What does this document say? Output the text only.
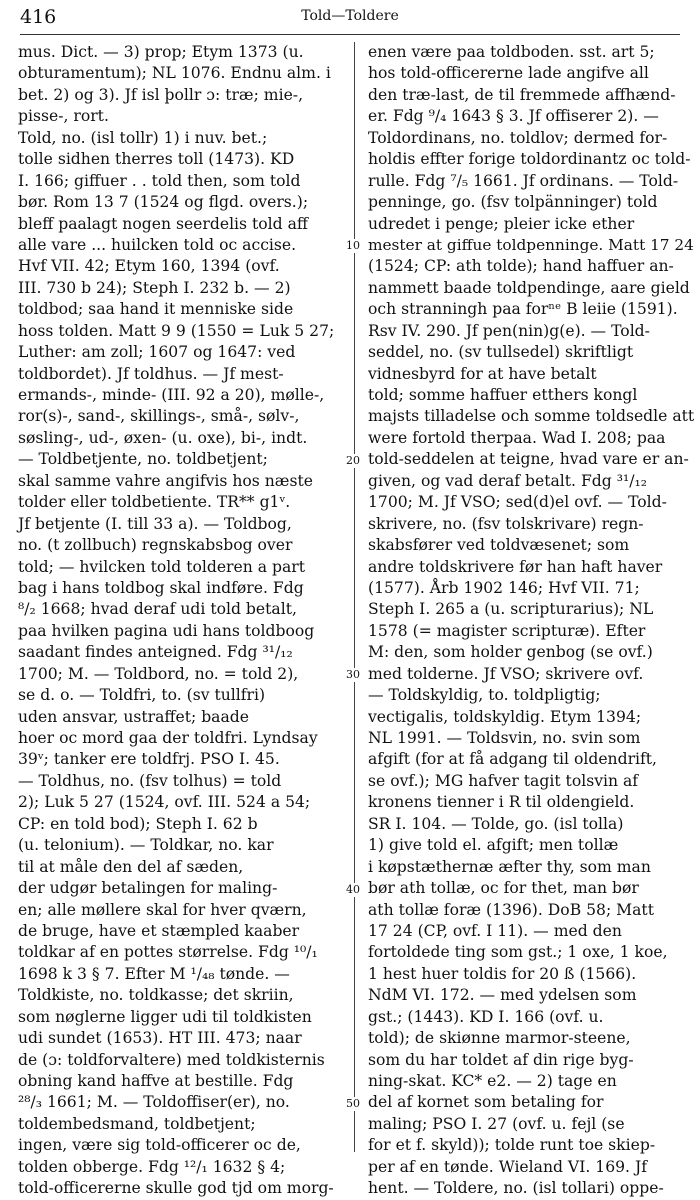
416	Told—Toldere
mus. Dict. — 3) prop; Etym 1373 (u.
obturamentum); NL 1076. Endnu alm. i
bet. 2) og 3). Jf isl þollr ɔ: træ; mie-,
pisse-, rort.
Told, no. (isl tollr) 1) i nuv. bet.;
tolle sidhen therres toll (1473). KD
I. 166; giffuer . . told then, som told
bør. Rom 13 7 (1524 og flgd. overs.);
bleff paalagt nogen seerdelis told aff
alle vare ... huilcken told oc accise.
Hvf VII. 42; Etym 160, 1394 (ovf.
III. 730 b 24); Steph I. 232 b. — 2)
toldbod; saa hand it menniske side
hoss tolden. Matt 9 9 (1550 = Luk 5 27;
Luther: am zoll; 1607 og 1647: ved
toldbordet). Jf toldhus. — Jf mest-
ermands-, minde- (III. 92 a 20), mølle-,
ror(s)-, sand-, skillings-, små-, sølv-,
søsling-, ud-, øxen- (u. oxe), bi-, indt.
— Toldbetjente, no. toldbetjent;
skal samme vahre angifvis hos næste
tolder eller toldbetiente. TR** g1ᵛ.
Jf betjente (I. till 33 a). — Toldbog,
no. (t zollbuch) regnskabsbog over
told; — hvilcken told tolderen a part
bag i hans toldbog skal indføre. Fdg
⁸/₂ 1668; hvad deraf udi told betalt,
paa hvilken pagina udi hans toldboog
saadant findes anteigned. Fdg ³¹/₁₂
1700; M. — Toldbord, no. = told 2),
se d. o. — Toldfri, to. (sv tullfri)
uden ansvar, ustraffet; baade
hoer oc mord gaa der toldfri. Lyndsay
39ᵛ; tanker ere toldfrj. PSO I. 45.
— Toldhus, no. (fsv tolhus) = told
2); Luk 5 27 (1524, ovf. III. 524 a 54;
CP: en told bod); Steph I. 62 b
(u. telonium). — Toldkar, no. kar
til at måle den del af sæden,
der udgør betalingen for maling-
en; alle møllere skal for hver qværn,
de bruge, have et stæmpled kaaber
toldkar af en pottes størrelse. Fdg ¹⁰/₁
1698 k 3 § 7. Efter M ¹/₄₈ tønde. —
Toldkiste, no. toldkasse; det skriin,
som nøglerne ligger udi til toldkisten
udi sundet (1653). HT III. 473; naar
de (ɔ: toldforvaltere) med toldkisternis
obning kand haffve at bestille. Fdg
²⁸/₃ 1661; M. — Toldoffiser(er), no.
toldembedsmand, toldbetjent;
ingen, være sig told-officerer oc de,
tolden obberge. Fdg ¹²/₁ 1632 § 4;
told-officererne skulle god tjd om morg-
10
20
30
40
50
enen være paa toldboden. sst. art 5;
hos told-officererne lade angifve all
den træ-last, de til fremmede affhænd-
er. Fdg ⁹/₄ 1643 § 3. Jf offiserer 2). —
Toldordinans, no. toldlov; dermed for-
holdis effter forige toldordinantz oc told-
rulle. Fdg ⁷/₅ 1661. Jf ordinans. — Told-
penninge, go. (fsv tolpänninger) told
udredet i penge; pleier icke ether
mester at giffue toldpenninge. Matt 17 24
(1524; CP: ath tolde); hand haffuer an-
nammett baade toldpendinge, aare gield
och stranningh paa forⁿᵉ B leiie (1591).
Rsv IV. 290. Jf pen(nin)g(e). — Told-
seddel, no. (sv tullsedel) skriftligt
vidnesbyrd for at have betalt
told; somme haffuer etthers kongl
majsts tilladelse och somme toldsedle att
were fortold therpaa. Wad I. 208; paa
told-seddelen at teigne, hvad vare er an-
given, og vad deraf betalt. Fdg ³¹/₁₂
1700; M. Jf VSO; sed(d)el ovf. — Told-
skrivere, no. (fsv tolskrivare) regn-
skabsfører ved toldvæsenet; som
andre toldskrivere før han haft haver
(1577). Årb 1902 146; Hvf VII. 71;
Steph I. 265 a (u. scripturarius); NL
1578 (= magister scripturæ). Efter
M: den, som holder genbog (se ovf.)
med tolderne. Jf VSO; skrivere ovf.
— Toldskyldig, to. toldpligtig;
vectigalis, toldskyldig. Etym 1394;
NL 1991. — Toldsvin, no. svin som
afgift (for at få adgang til oldendrift,
se ovf.); MG hafver tagit tolsvin af
kronens tienner i R til oldengield.
SR I. 104. — Tolde, go. (isl tolla)
1) give told el. afgift; men tollæ
i køpstæthernæ æfter thy, som man
bør ath tollæ, oc for thet, man bør
ath tollæ foræ (1396). DoB 58; Matt
17 24 (CP, ovf. I 11). — med den
fortoldede ting som gst.; 1 oxe, 1 koe,
1 hest huer toldis for 20 ß (1566).
NdM VI. 172. — med ydelsen som
gst.; (1443). KD I. 166 (ovf. u.
told); de skiønne marmor-steene,
som du har toldet af din rige byg-
ning-skat. KC* e2. — 2) tage en
del af kornet som betaling for
maling; PSO I. 27 (ovf. u. fejl (se
for et f. skyld)); tolde runt toe skiep-
per af en tønde. Wieland VI. 169. Jf
hent. — Toldere, no. (isl tollari) oppe-
